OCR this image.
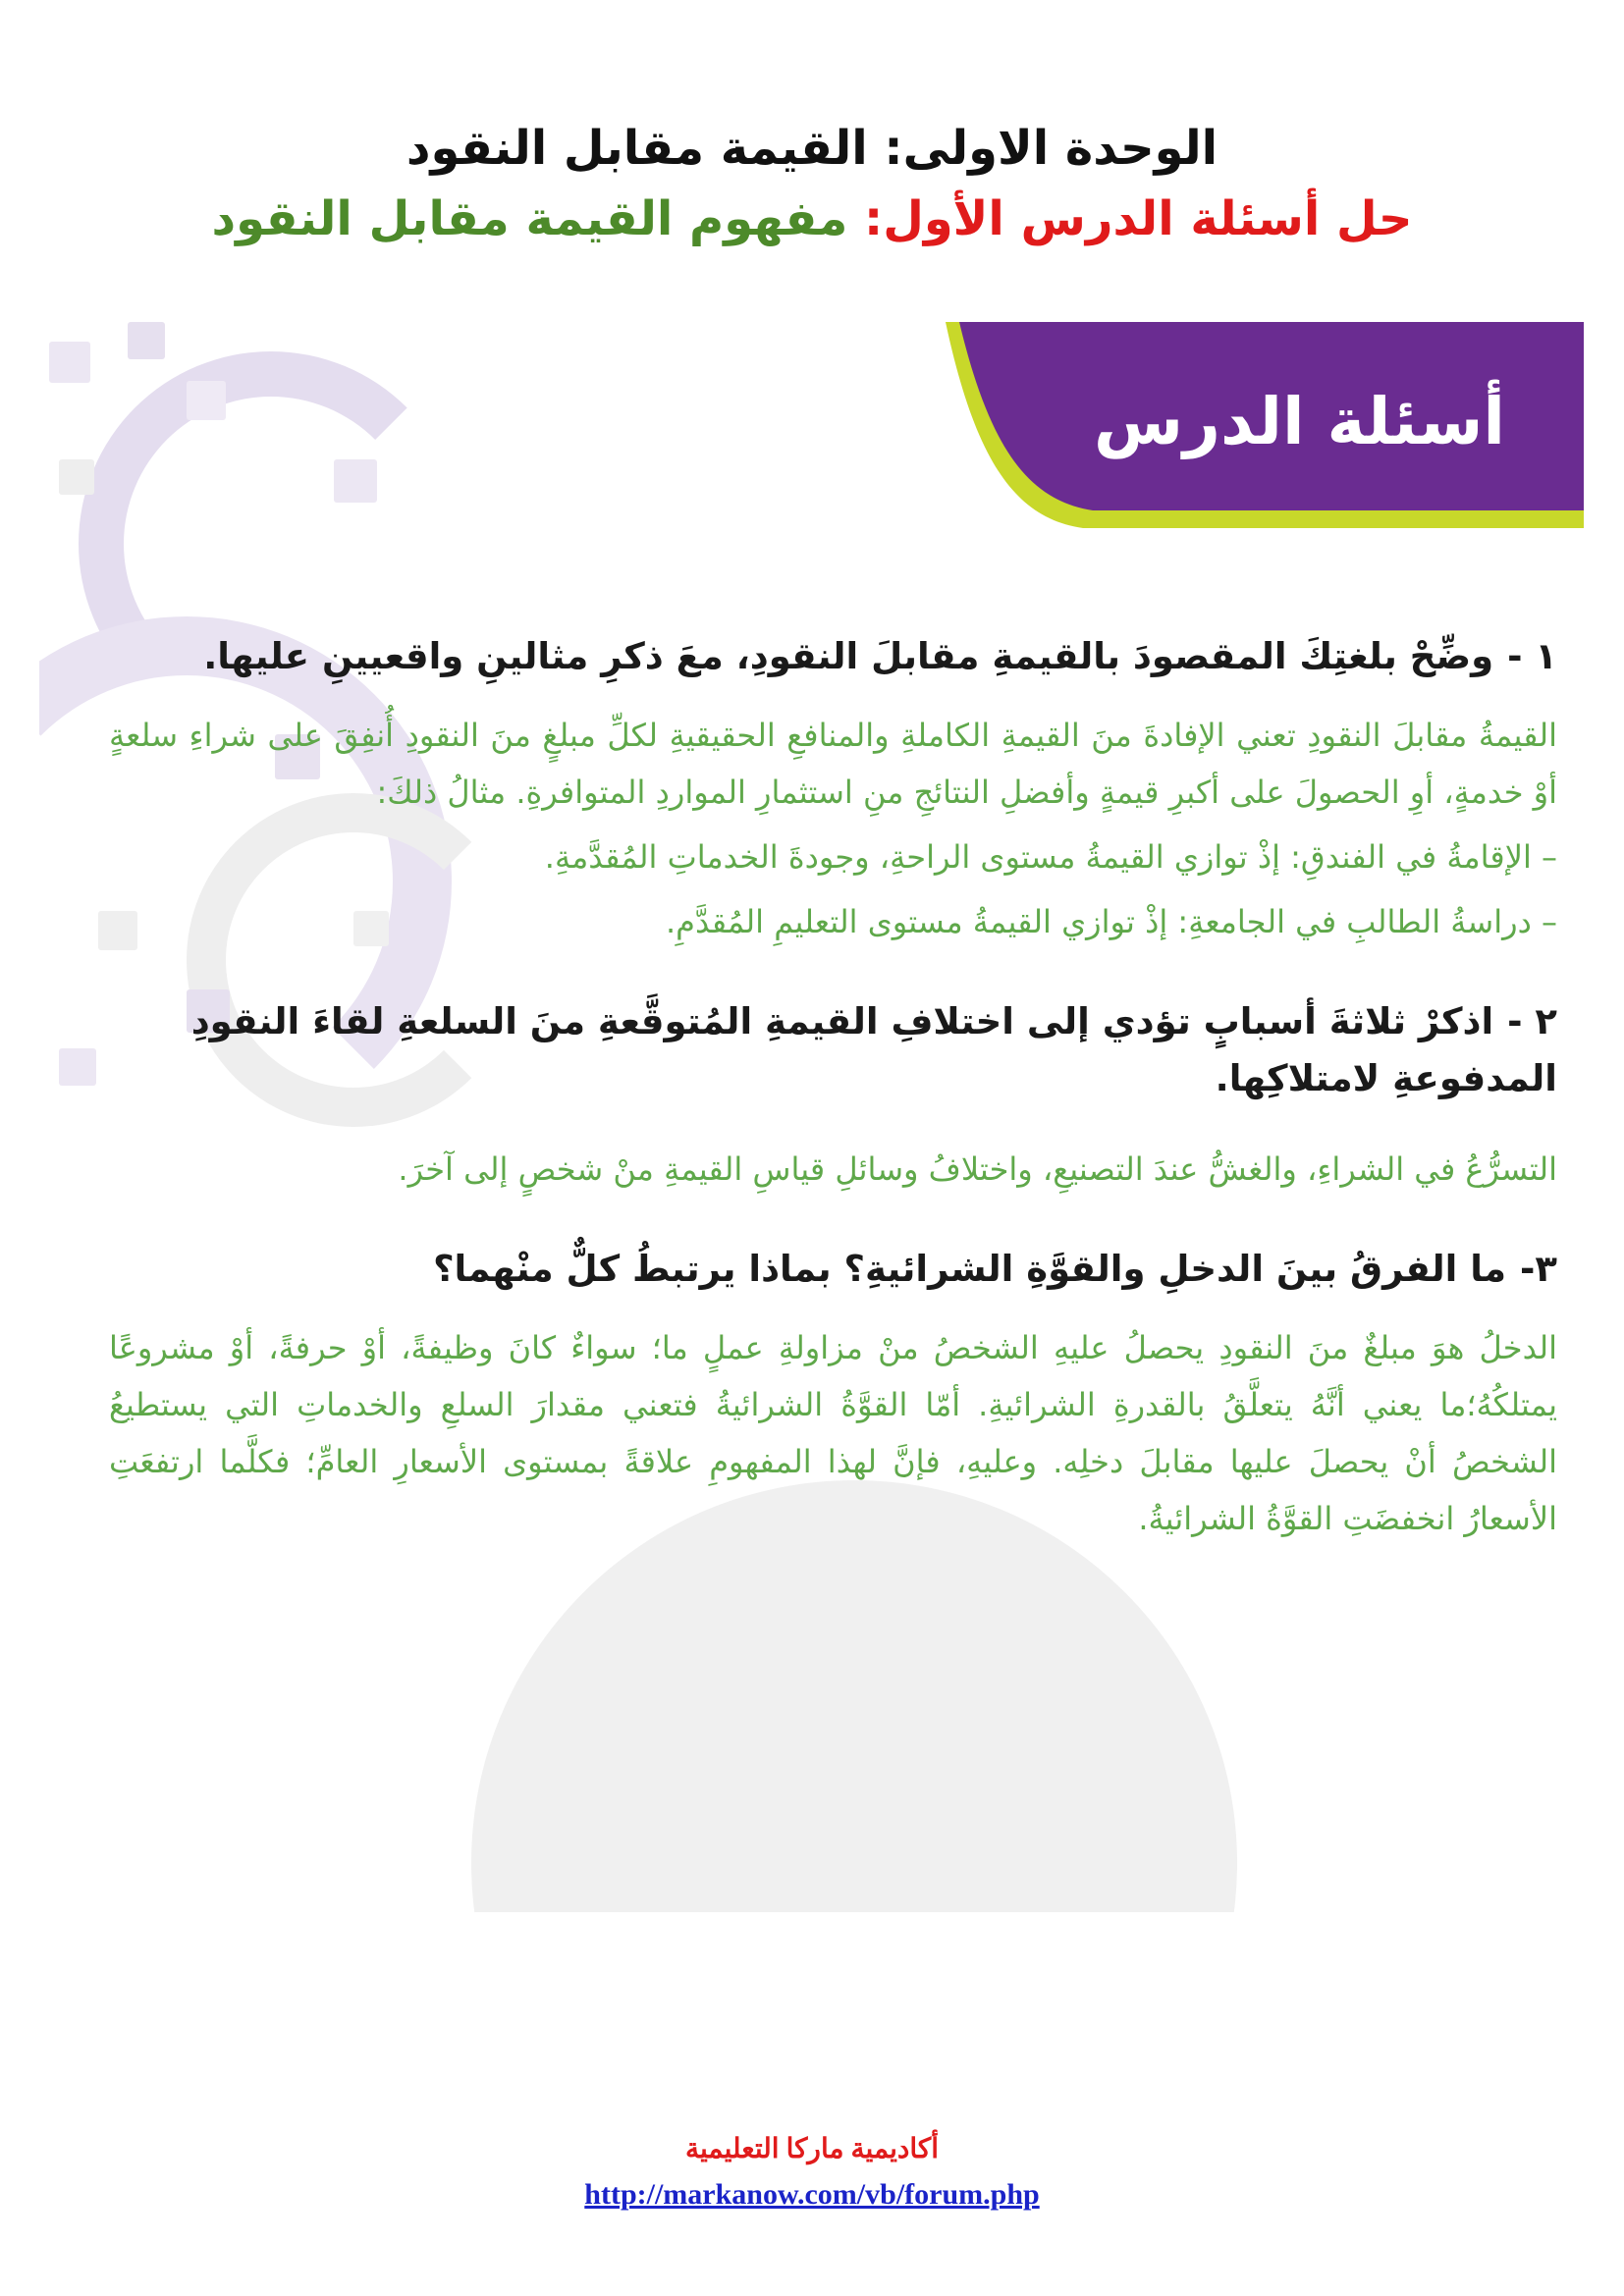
الوحدة الاولى: القيمة مقابل النقود

حل أسئلة الدرس الأول: مفهوم القيمة مقابل النقود

أسئلة الدرس

١ -وضِّحْ بلغتِكَ المقصودَ بالقيمةِ مقابلَ النقودِ، معَ ذكرِ مثالينِ واقعيينِ عليها.

القيمةُ مقابلَ النقودِ تعني الإفادةَ منَ القيمةِ الكاملةِ والمنافعِ الحقيقيةِ لكلِّ مبلغٍ منَ النقودِ أُنفِقَ على شراءِ سلعةٍ أوْ خدمةٍ، أوِ الحصولَ على أكبرِ قيمةٍ وأفضلِ النتائجِ منِ استثمارِ المواردِ المتوافرةِ. مثالُ ذلكَ:

– الإقامةُ في الفندقِ: إذْ توازي القيمةُ مستوى الراحةِ، وجودةَ الخدماتِ المُقدَّمةِ.

– دراسةُ الطالبِ في الجامعةِ: إذْ توازي القيمةُ مستوى التعليمِ المُقدَّمِ.

٢ -اذكرْ ثلاثةَ أسبابٍ تؤدي إلى اختلافِ القيمةِ المُتوقَّعةِ منَ السلعةِ لقاءَ النقودِ المدفوعةِ لامتلاكِها.

التسرُّعُ في الشراءِ، والغشُّ عندَ التصنيعِ، واختلافُ وسائلِ قياسِ القيمةِ منْ شخصٍ إلى آخرَ.

٣-ما الفرقُ بينَ الدخلِ والقوَّةِ الشرائيةِ؟ بماذا يرتبطُ كلٌّ منْهما؟

الدخلُ هوَ مبلغٌ منَ النقودِ يحصلُ عليهِ الشخصُ منْ مزاولةِ عملٍ ما؛ سواءٌ كانَ وظيفةً، أوْ حرفةً، أوْ مشروعًا يمتلكُهُ؛ما يعني أنَّهُ يتعلَّقُ بالقدرةِ الشرائيةِ. أمّا القوَّةُ الشرائيةُ فتعني مقدارَ السلعِ والخدماتِ التي يستطيعُ الشخصُ أنْ يحصلَ عليها مقابلَ دخلِه. وعليهِ، فإنَّ لهذا المفهومِ علاقةً بمستوى الأسعارِ العامِّ؛ فكلَّما ارتفعَتِ الأسعارُ انخفضَتِ القوَّةُ الشرائيةُ.

أكاديمية ماركا التعليمية

http://markanow.com/vb/forum.php
